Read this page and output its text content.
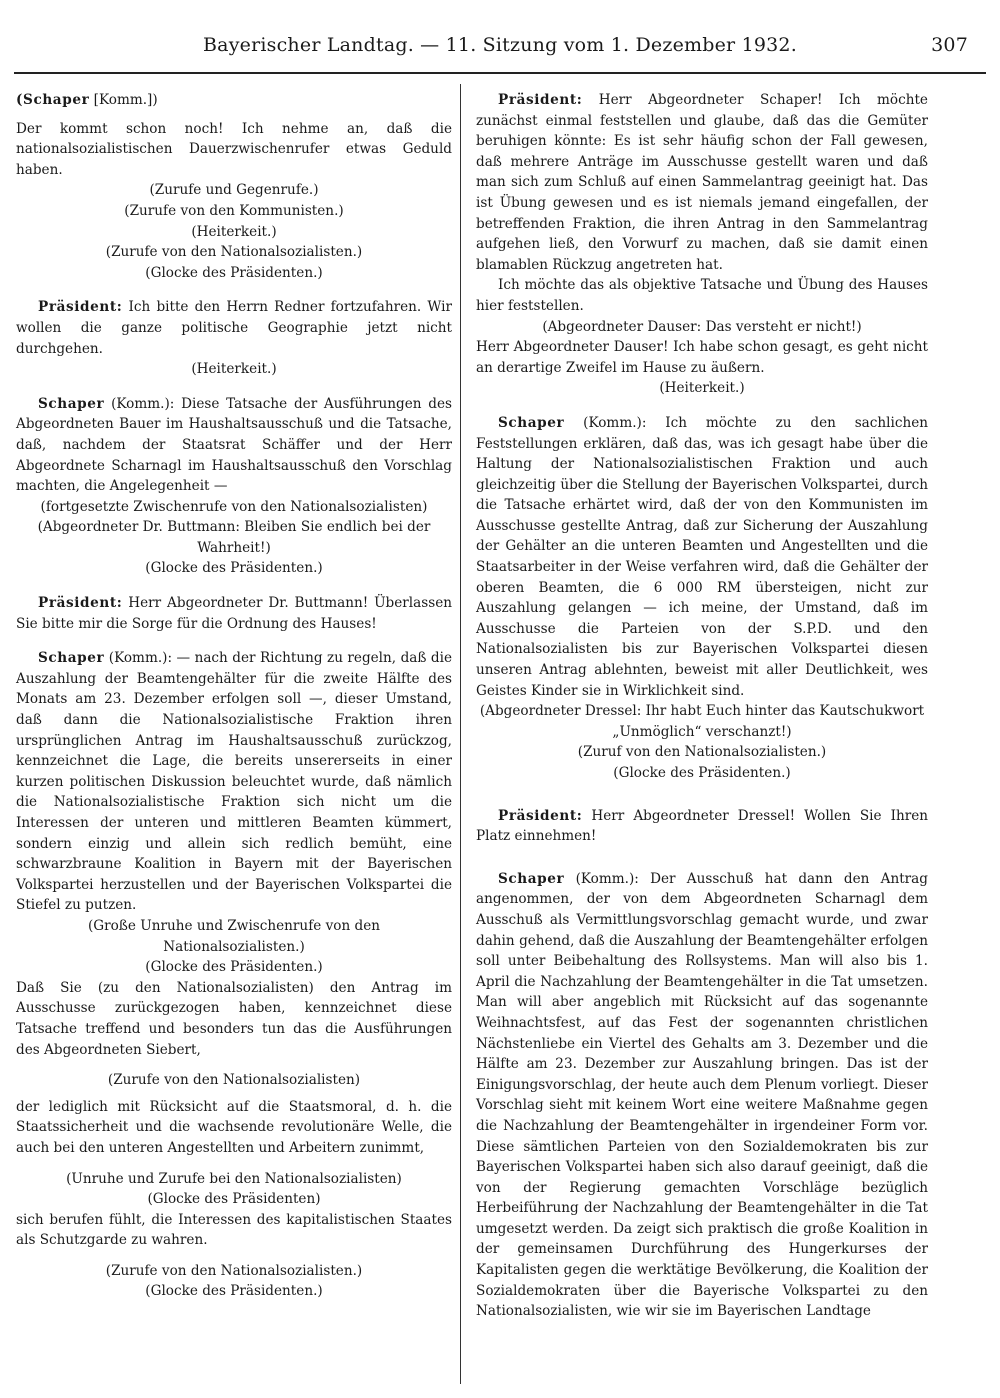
Bayerischer Landtag. — 11. Sitzung vom 1. Dezember 1932.	307

(Schaper [Komm.])

Der kommt schon noch! Ich nehme an, daß die nationalsozialistischen Dauerzwischenrufer etwas Geduld haben.

(Zurufe und Gegenrufe.)

(Zurufe von den Kommunisten.)

(Heiterkeit.)

(Zurufe von den Nationalsozialisten.)

(Glocke des Präsidenten.)

Präsident: Ich bitte den Herrn Redner fortzufahren. Wir wollen die ganze politische Geographie jetzt nicht durchgehen.

(Heiterkeit.)

Schaper (Komm.): Diese Tatsache der Ausführungen des Abgeordneten Bauer im Haushaltsausschuß und die Tatsache, daß, nachdem der Staatsrat Schäffer und der Herr Abgeordnete Scharnagl im Haushaltsausschuß den Vorschlag machten, die Angelegenheit —

(fortgesetzte Zwischenrufe von den Nationalsozialisten)

(Abgeordneter Dr. Buttmann: Bleiben Sie endlich bei der Wahrheit!)

(Glocke des Präsidenten.)

Präsident: Herr Abgeordneter Dr. Buttmann! Überlassen Sie bitte mir die Sorge für die Ordnung des Hauses!

Schaper (Komm.): — nach der Richtung zu regeln, daß die Auszahlung der Beamtengehälter für die zweite Hälfte des Monats am 23. Dezember erfolgen soll —, dieser Umstand, daß dann die Nationalsozialistische Fraktion ihren ursprünglichen Antrag im Haushaltsausschuß zurückzog, kennzeichnet die Lage, die bereits unsererseits in einer kurzen politischen Diskussion beleuchtet wurde, daß nämlich die Nationalsozialistische Fraktion sich nicht um die Interessen der unteren und mittleren Beamten kümmert, sondern einzig und allein sich redlich bemüht, eine schwarzbraune Koalition in Bayern mit der Bayerischen Volkspartei herzustellen und der Bayerischen Volkspartei die Stiefel zu putzen.

(Große Unruhe und Zwischenrufe von den Nationalsozialisten.)

(Glocke des Präsidenten.)

Daß Sie (zu den Nationalsozialisten) den Antrag im Ausschusse zurückgezogen haben, kennzeichnet diese Tatsache treffend und besonders tun das die Ausführungen des Abgeordneten Siebert,

(Zurufe von den Nationalsozialisten)

der lediglich mit Rücksicht auf die Staatsmoral, d. h. die Staatssicherheit und die wachsende revolutionäre Welle, die auch bei den unteren Angestellten und Arbeitern zunimmt,

(Unruhe und Zurufe bei den Nationalsozialisten)

(Glocke des Präsidenten)

sich berufen fühlt, die Interessen des kapitalistischen Staates als Schutzgarde zu wahren.

(Zurufe von den Nationalsozialisten.)

(Glocke des Präsidenten.)

Präsident: Herr Abgeordneter Schaper! Ich möchte zunächst einmal feststellen und glaube, daß das die Gemüter beruhigen könnte: Es ist sehr häufig schon der Fall gewesen, daß mehrere Anträge im Ausschusse gestellt waren und daß man sich zum Schluß auf einen Sammelantrag geeinigt hat. Das ist Übung gewesen und es ist niemals jemand eingefallen, der betreffenden Fraktion, die ihren Antrag in den Sammelantrag aufgehen ließ, den Vorwurf zu machen, daß sie damit einen blamablen Rückzug angetreten hat.

Ich möchte das als objektive Tatsache und Übung des Hauses hier feststellen.

(Abgeordneter Dauser: Das versteht er nicht!)

Herr Abgeordneter Dauser! Ich habe schon gesagt, es geht nicht an derartige Zweifel im Hause zu äußern.

(Heiterkeit.)

Schaper (Komm.): Ich möchte zu den sachlichen Feststellungen erklären, daß das, was ich gesagt habe über die Haltung der Nationalsozialistischen Fraktion und auch gleichzeitig über die Stellung der Bayerischen Volkspartei, durch die Tatsache erhärtet wird, daß der von den Kommunisten im Ausschusse gestellte Antrag, daß zur Sicherung der Auszahlung der Gehälter an die unteren Beamten und Angestellten und die Staatsarbeiter in der Weise verfahren wird, daß die Gehälter der oberen Beamten, die 6 000 RM übersteigen, nicht zur Auszahlung gelangen — ich meine, der Umstand, daß im Ausschusse die Parteien von der S.P.D. und den Nationalsozialisten bis zur Bayerischen Volkspartei diesen unseren Antrag ablehnten, beweist mit aller Deutlichkeit, wes Geistes Kinder sie in Wirklichkeit sind.

(Abgeordneter Dressel: Ihr habt Euch hinter das Kautschukwort „Unmöglich“ verschanzt!)

(Zuruf von den Nationalsozialisten.)

(Glocke des Präsidenten.)

Präsident: Herr Abgeordneter Dressel! Wollen Sie Ihren Platz einnehmen!

Schaper (Komm.): Der Ausschuß hat dann den Antrag angenommen, der von dem Abgeordneten Scharnagl dem Ausschuß als Vermittlungsvorschlag gemacht wurde, und zwar dahin gehend, daß die Auszahlung der Beamtengehälter erfolgen soll unter Beibehaltung des Rollsystems. Man will also bis 1. April die Nachzahlung der Beamtengehälter in die Tat umsetzen. Man will aber angeblich mit Rücksicht auf das sogenannte Weihnachtsfest, auf das Fest der sogenannten christlichen Nächstenliebe ein Viertel des Gehalts am 3. Dezember und die Hälfte am 23. Dezember zur Auszahlung bringen. Das ist der Einigungsvorschlag, der heute auch dem Plenum vorliegt. Dieser Vorschlag sieht mit keinem Wort eine weitere Maßnahme gegen die Nachzahlung der Beamtengehälter in irgendeiner Form vor. Diese sämtlichen Parteien von den Sozialdemokraten bis zur Bayerischen Volkspartei haben sich also darauf geeinigt, daß die von der Regierung gemachten Vorschläge bezüglich Herbeiführung der Nachzahlung der Beamtengehälter in die Tat umgesetzt werden. Da zeigt sich praktisch die große Koalition in der gemeinsamen Durchführung des Hungerkurses der Kapitalisten gegen die werktätige Bevölkerung, die Koalition der Sozialdemokraten über die Bayerische Volkspartei zu den Nationalsozialisten, wie wir sie im Bayerischen Landtage
